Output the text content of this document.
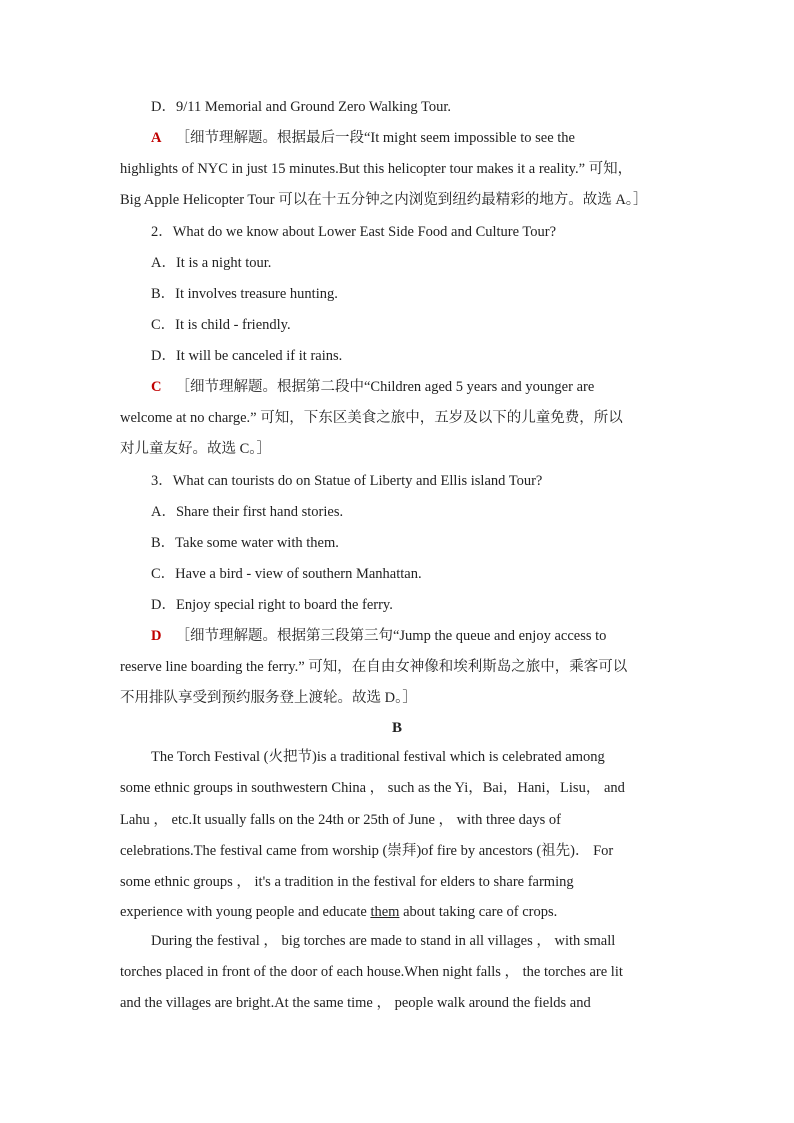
D．9/11 Memorial and Ground Zero Walking Tour.
A ［细节理解题。根据最后一段“It might seem impossible to see the
highlights of NYC in just 15 minutes.But this helicopter tour makes it a reality.” 可知，
Big Apple Helicopter Tour 可以在十五分钟之内浏览到纽约最精彩的地方。故选 A。］
2．What do we know about Lower East Side Food and Culture Tour?
A．It is a night tour.
B．It involves treasure hunting.
C．It is child - friendly.
D．It will be canceled if it rains.
C ［细节理解题。根据第二段中“Children aged 5 years and younger are
welcome at no charge.” 可知，下东区美食之旅中，五岁及以下的儿童免费，所以
对儿童友好。故选 C。］
3．What can tourists do on Statue of Liberty and Ellis island Tour?
A．Share their first hand stories.
B．Take some water with them.
C．Have a bird - view of southern Manhattan.
D．Enjoy special right to board the ferry.
D ［细节理解题。根据第三段第三句“Jump the queue and enjoy access to
reserve line boarding the ferry.” 可知，在自由女神像和埃利斯岛之旅中，乘客可以
不用排队享受到预约服务登上渡轮。故选 D。］
B
The Torch Festival (火把节)is a traditional festival which is celebrated among
some ethnic groups in southwestern China ， such as the Yi，Bai，Hani，Lisu， and
Lahu ， etc.It usually falls on the 24th or 25th of June ， with three days of
celebrations.The festival came from worship (崇拜)of fire by ancestors (祖先)． For
some ethnic groups ， it's a tradition in the festival for elders to share farming
experience with young people and educate them about taking care of crops.
During the festival ， big torches are made to stand in all villages ， with small
torches placed in front of the door of each house.When night falls ， the torches are lit
and the villages are bright.At the same time ， people walk around the fields and
